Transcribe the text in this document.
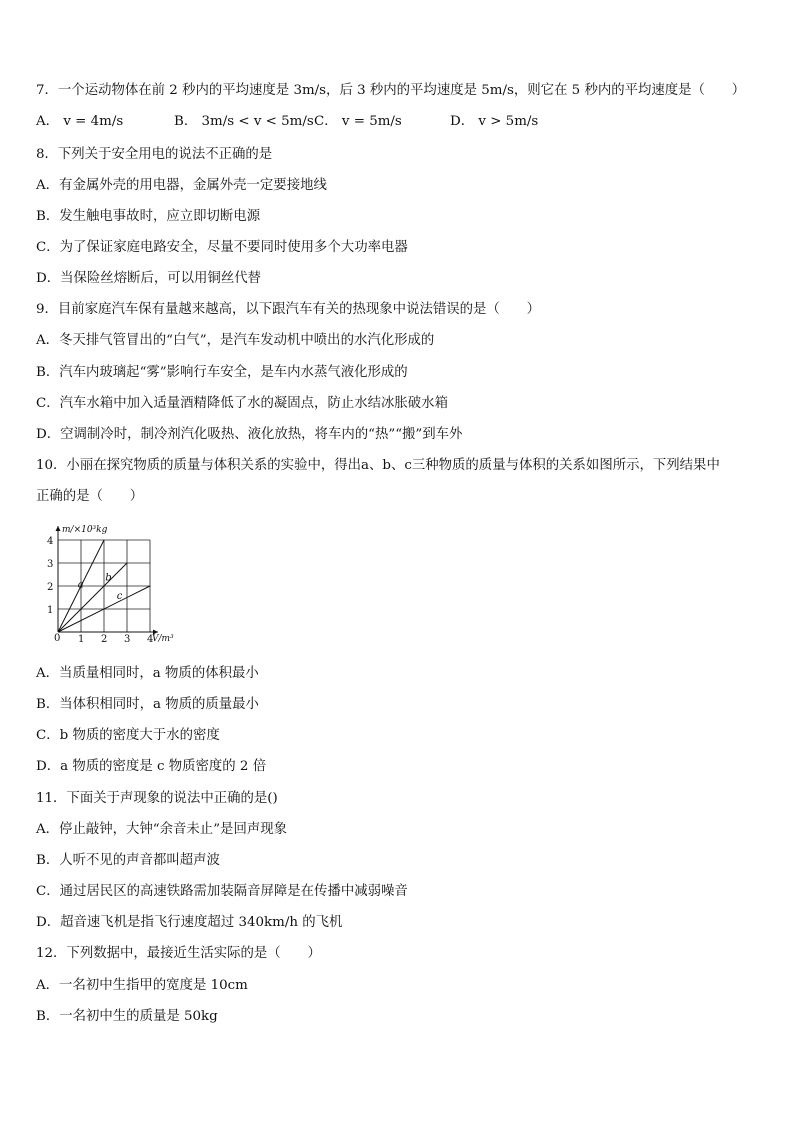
7．一个运动物体在前 2 秒内的平均速度是 3m/s，后 3 秒内的平均速度是 5m/s，则它在 5 秒内的平均速度是（　　）
A． v = 4m/s	B． 3m/s < v < 5m/s C． v = 5m/s	D． v > 5m/s
8．下列关于安全用电的说法不正确的是
A．有金属外壳的用电器，金属外壳一定要接地线
B．发生触电事故时，应立即切断电源
C．为了保证家庭电路安全，尽量不要同时使用多个大功率电器
D．当保险丝熔断后，可以用铜丝代替
9．目前家庭汽车保有量越来越高，以下跟汽车有关的热现象中说法错误的是（　　）
A．冬天排气管冒出的“白气”，是汽车发动机中喷出的水汽化形成的
B．汽车内玻璃起“雾”影响行车安全，是车内水蒸气液化形成的
C．汽车水箱中加入适量酒精降低了水的凝固点，防止水结冰胀破水箱
D．空调制冷时，制冷剂汽化吸热、液化放热，将车内的“热”“搬”到车外
10．小丽在探究物质的质量与体积关系的实验中，得出a、b、c三种物质的质量与体积的关系如图所示，下列结果中
正确的是（　　）
a
b
c
1 2 3 4
1
2
3
4
0
m/×10³kg
V/m³
A．当质量相同时，a 物质的体积最小
B．当体积相同时，a 物质的质量最小
C．b 物质的密度大于水的密度
D．a 物质的密度是 c 物质密度的 2 倍
11．下面关于声现象的说法中正确的是()
A．停止敲钟，大钟“余音未止”是回声现象
B．人听不见的声音都叫超声波
C．通过居民区的高速铁路需加装隔音屏障是在传播中减弱噪音
D．超音速飞机是指飞行速度超过 340km/h 的飞机
12．下列数据中，最接近生活实际的是（　　）
A．一名初中生指甲的宽度是 10cm
B．一名初中生的质量是 50kg
